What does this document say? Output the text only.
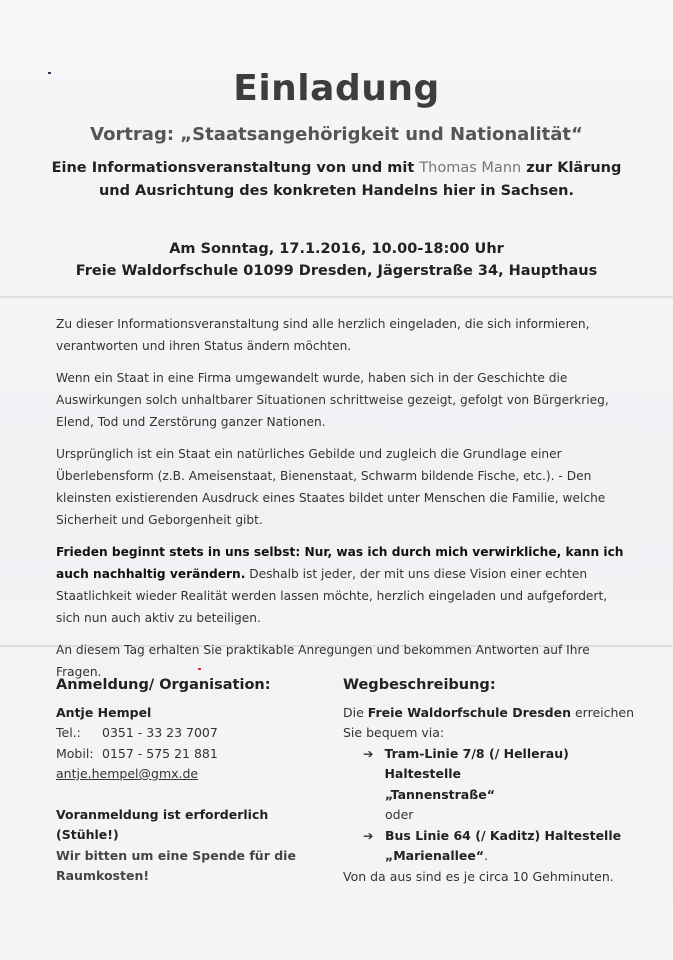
Einladung
Vortrag: „Staatsangehörigkeit und Nationalität“
Eine Informationsveranstaltung von und mit Thomas Mann zur Klärung und Ausrichtung des konkreten Handelns hier in Sachsen.
Am Sonntag, 17.1.2016, 10.00-18:00 Uhr
Freie Waldorfschule 01099 Dresden, Jägerstraße 34, Haupthaus

Zu dieser Informationsveranstaltung sind alle herzlich eingeladen, die sich informieren, verantworten und ihren Status ändern möchten.

Wenn ein Staat in eine Firma umgewandelt wurde, haben sich in der Geschichte die Auswirkungen solch unhaltbarer Situationen schrittweise gezeigt, gefolgt von Bürgerkrieg, Elend, Tod und Zerstörung ganzer Nationen.

Ursprünglich ist ein Staat ein natürliches Gebilde und zugleich die Grundlage einer Überlebensform (z.B. Ameisenstaat, Bienenstaat, Schwarm bildende Fische, etc.). - Den kleinsten existierenden Ausdruck eines Staates bildet unter Menschen die Familie, welche Sicherheit und Geborgenheit gibt.

Frieden beginnt stets in uns selbst: Nur, was ich durch mich verwirkliche, kann ich auch nachhaltig verändern. Deshalb ist jeder, der mit uns diese Vision einer echten Staatlichkeit wieder Realität werden lassen möchte, herzlich eingeladen und aufgefordert, sich nun auch aktiv zu beteiligen.

An diesem Tag erhalten Sie praktikable Anregungen und bekommen Antworten auf Ihre Fragen.

Anmeldung/ Organisation:
Antje Hempel
Tel.:	0351 - 33 23 7007
Mobil: 0157 - 575 21 881
antje.hempel@gmx.de
Voranmeldung ist erforderlich (Stühle!)
Wir bitten um eine Spende für die Raumkosten!
Wegbeschreibung:
Die Freie Waldorfschule Dresden erreichen
Sie bequem via:
➔ Tram-Linie 7/8 (/ Hellerau) Haltestelle
„Tannenstraße“
oder
➔ Bus Linie 64 (/ Kaditz) Haltestelle
„Marienallee“.
Von da aus sind es je circa 10 Gehminuten.
